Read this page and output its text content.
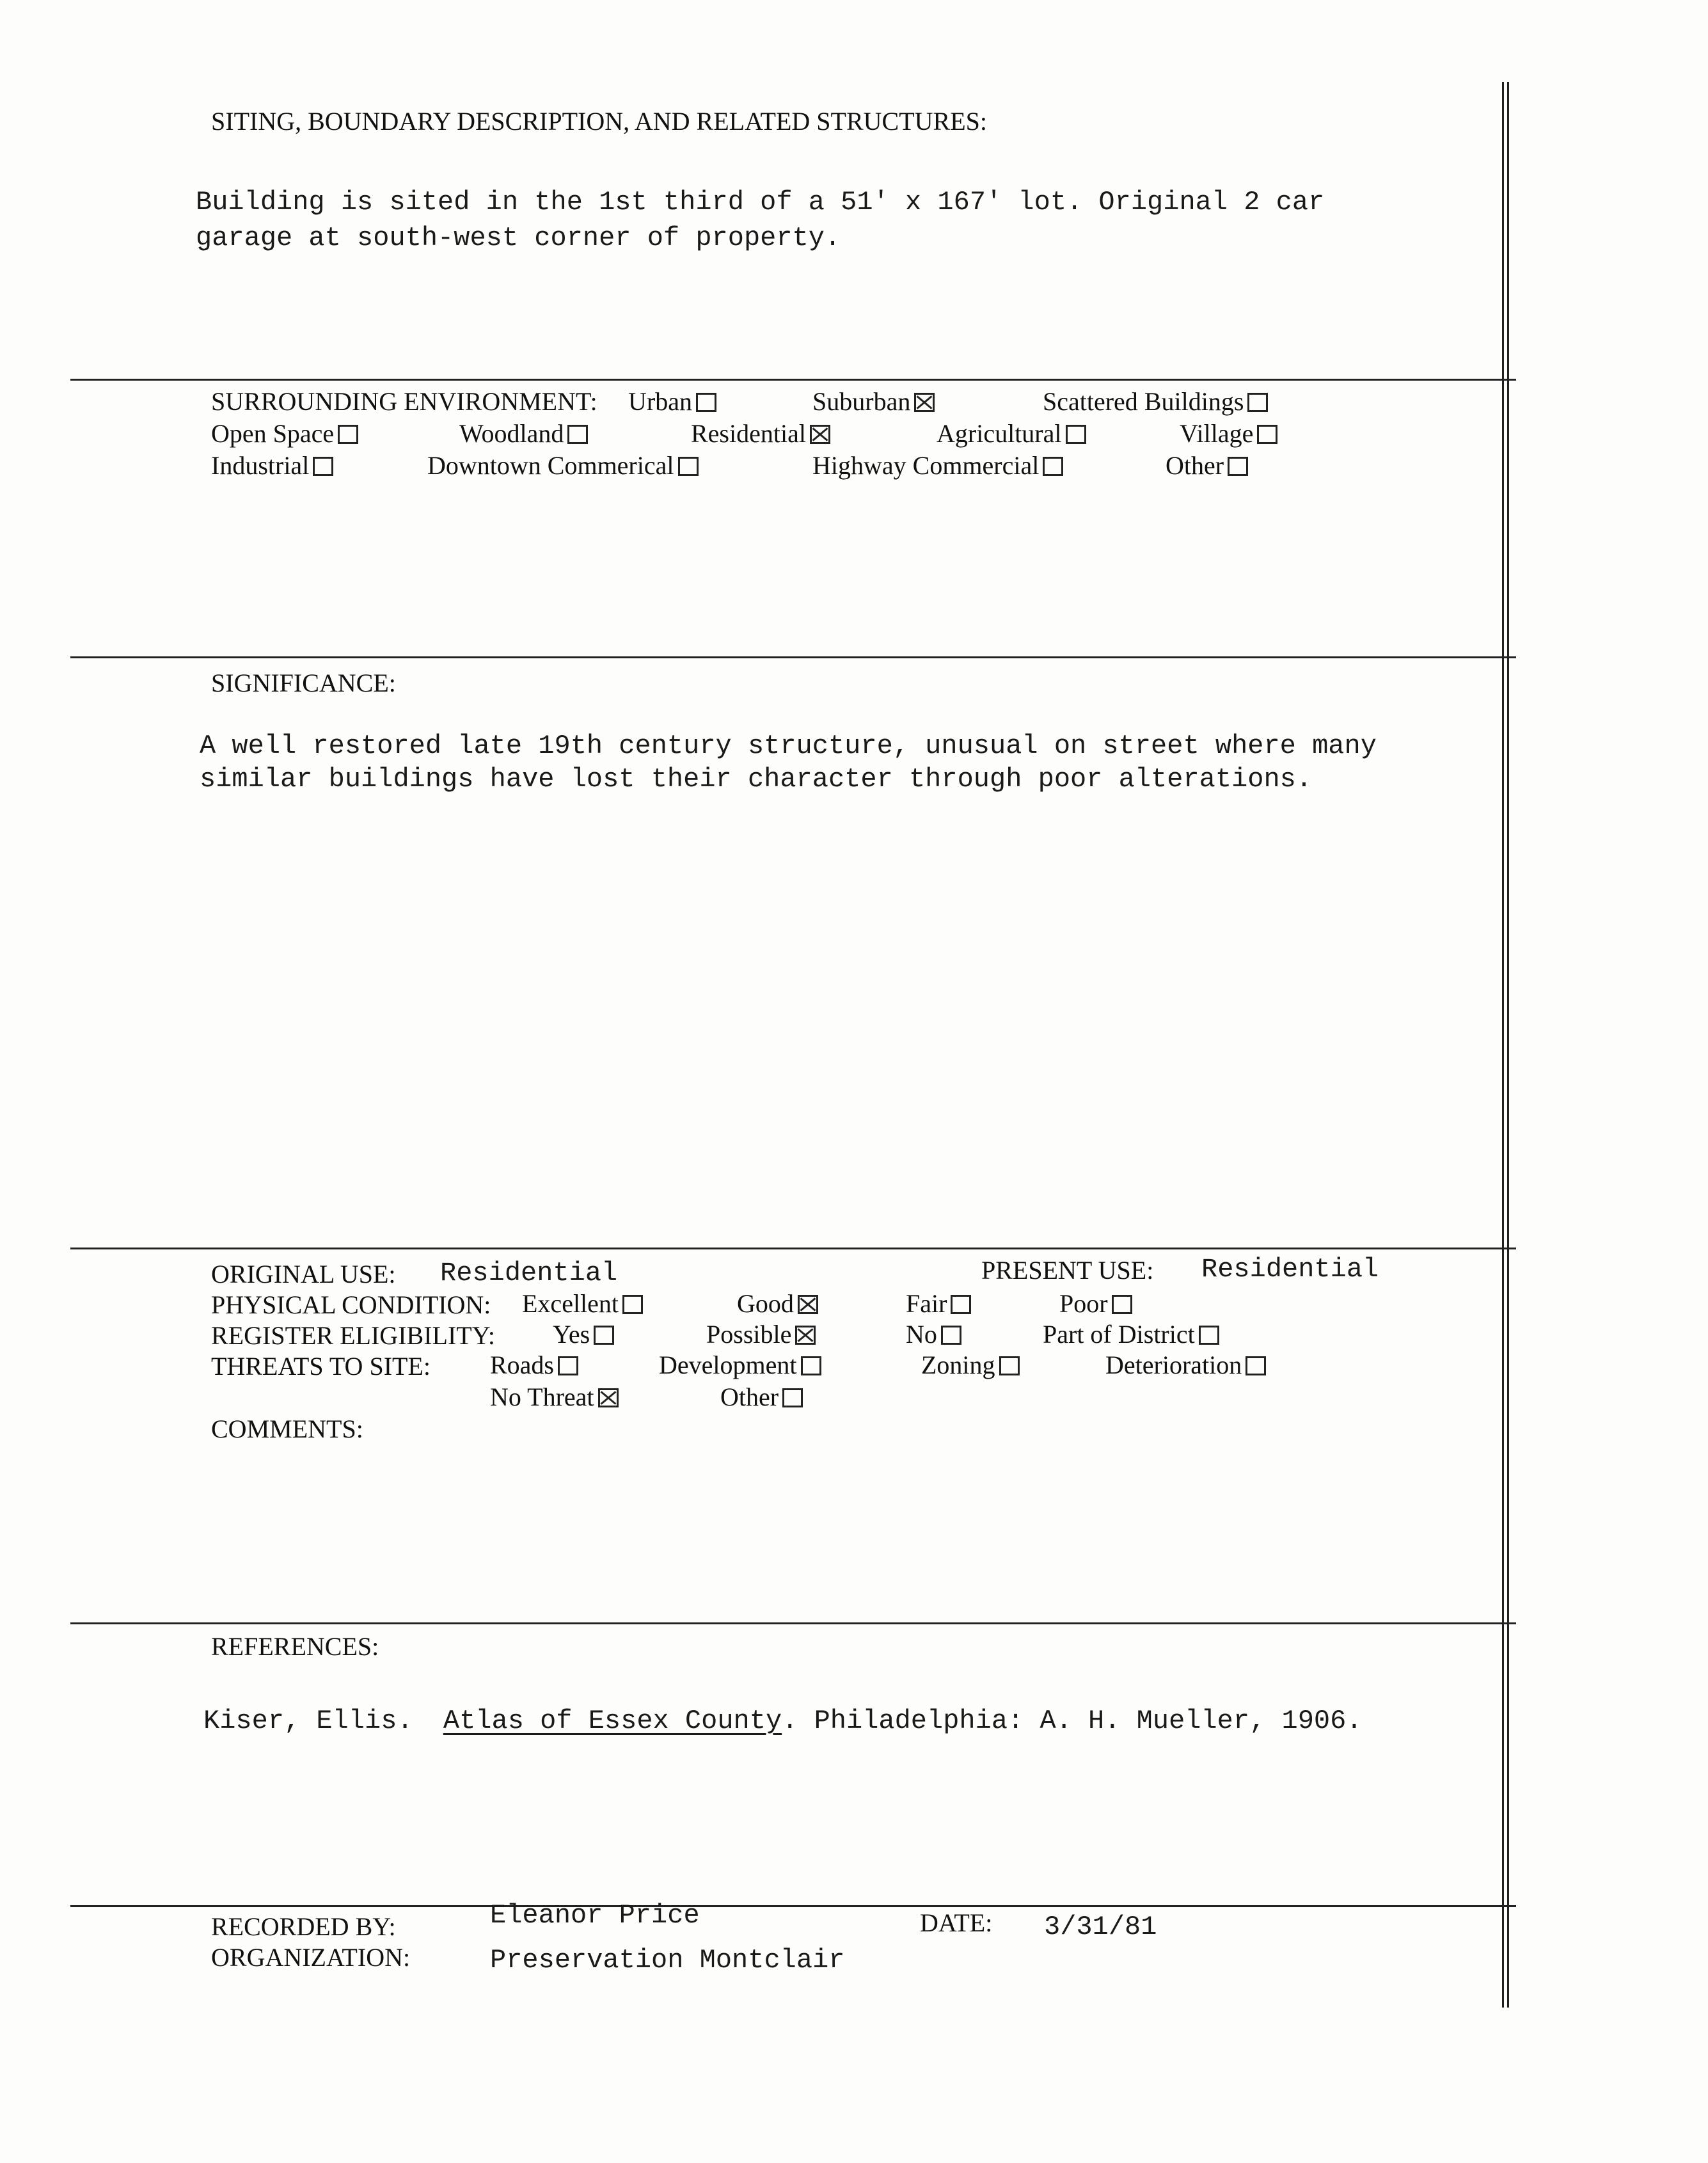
SITING, BOUNDARY DESCRIPTION, AND RELATED STRUCTURES:
Building is sited in the 1st third of a 51' x 167' lot. Original 2 car
garage at south-west corner of property.
SURROUNDING ENVIRONMENT: Urban	Suburban	Scattered Buildings
Open Space	Woodland	Residential	Agricultural	Village
Industrial	Downtown Commerical	Highway Commercial	Other
SIGNIFICANCE:
A well restored late 19th century structure, unusual on street where many
similar buildings have lost their character through poor alterations.
ORIGINAL USE: Residential	PRESENT USE: Residential
PHYSICAL CONDITION: Excellent	Good	Fair	Poor
REGISTER ELIGIBILITY: Yes	Possible	No	Part of District
THREATS TO SITE: Roads	Development	Zoning	Deterioration
No Threat	Other
COMMENTS:
REFERENCES:
Kiser, Ellis. Atlas of Essex County. Philadelphia: A. H. Mueller, 1906.
RECORDED BY:	Eleanor Price
ORGANIZATION:	Preservation Montclair
DATE: 3/31/81
